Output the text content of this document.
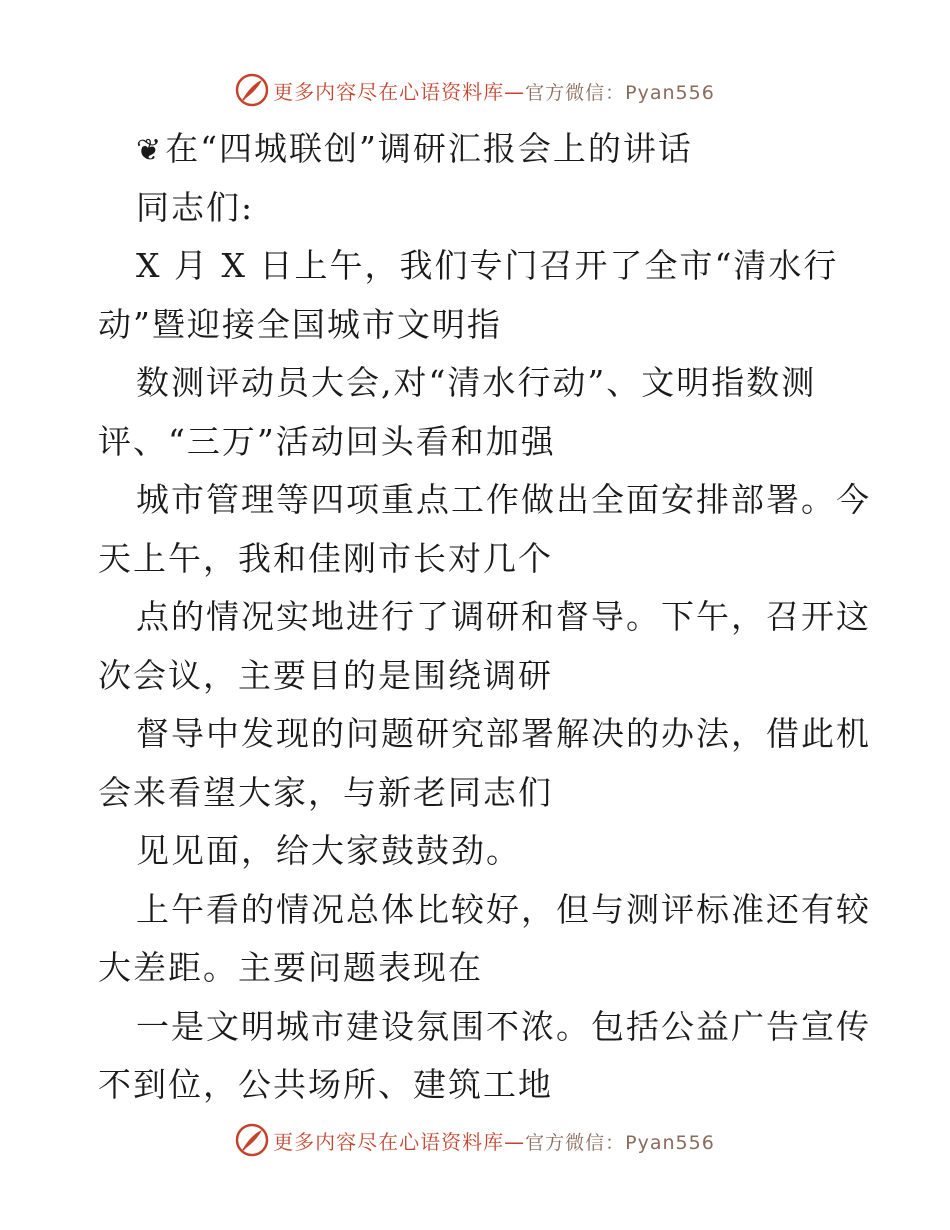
更多内容尽在心语资料库—官方微信：Pyan556
❦在“四城联创”调研汇报会上的讲话
同志们:
X 月 X 日上午，我们专门召开了全市“清水行
动”暨迎接全国城市文明指
数测评动员大会,对“清水行动”、文明指数测
评、“三万”活动回头看和加强
城市管理等四项重点工作做出全面安排部署。今
天上午，我和佳刚市长对几个
点的情况实地进行了调研和督导。下午，召开这
次会议，主要目的是围绕调研
督导中发现的问题研究部署解决的办法，借此机
会来看望大家，与新老同志们
见见面，给大家鼓鼓劲。
上午看的情况总体比较好，但与测评标准还有较
大差距。主要问题表现在
一是文明城市建设氛围不浓。包括公益广告宣传
不到位，公共场所、建筑工地
更多内容尽在心语资料库—官方微信：Pyan556
